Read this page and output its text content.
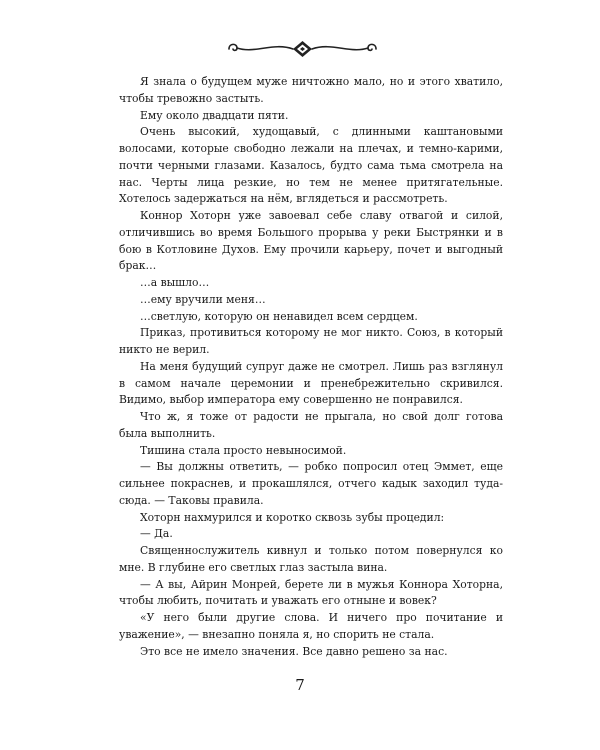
Я знала о будущем муже ничтожно мало, но и этого хватило, чтобы тревожно застыть.

Ему около двадцати пяти.

Очень высокий, худощавый, с длинными каштановыми волосами, которые свободно лежали на плечах, и темно-карими, почти черными глазами. Казалось, будто сама тьма смотрела на нас. Черты лица резкие, но тем не менее притягательные. Хотелось задержаться на нём, вглядеться и рассмотреть.

Коннор Хоторн уже завоевал себе славу отвагой и силой, отличившись во время Большого прорыва у реки Быстрянки и в бою в Котловине Духов. Ему прочили карьеру, почет и выгодный брак…

…а вышло…

…ему вручили меня…

…светлую, которую он ненавидел всем сердцем.

Приказ, противиться которому не мог никто. Союз, в который никто не верил.

На меня будущий супруг даже не смотрел. Лишь раз взглянул в самом начале церемонии и пренебрежительно скривился. Видимо, выбор императора ему совершенно не понравился.

Что ж, я тоже от радости не прыгала, но свой долг готова была выполнить.

Тишина стала просто невыносимой.

— Вы должны ответить, — робко попросил отец Эммет, еще сильнее покраснев, и прокашлялся, отчего кадык заходил туда-сюда. — Таковы правила.

Хоторн нахмурился и коротко сквозь зубы процедил:

— Да.

Священнослужитель кивнул и только потом повернулся ко мне. В глубине его светлых глаз застыла вина.

— А вы, Айрин Монрей, берете ли в мужья Коннора Хоторна, чтобы любить, почитать и уважать его отныне и вовек?

«У него были другие слова. И ничего про почитание и уважение», — внезапно поняла я, но спорить не стала.

Это все не имело значения. Все давно решено за нас.

7
